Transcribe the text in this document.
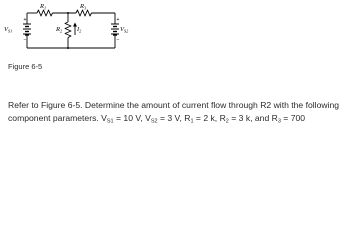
+
−
+
−
$V_{S1}$	$V_{S2}$
$R_1$	$R_3$
$R_2$ $I_2$
Figure 6-5
Refer to Figure 6-5. Determine the amount of current flow through R2 with the following component parameters. $V_{S1} = 10$ V, $V_{S2} = 3$ V, $R_1 = 2$ k, $R_2 = 3$ k, and $R_3 = 700$
